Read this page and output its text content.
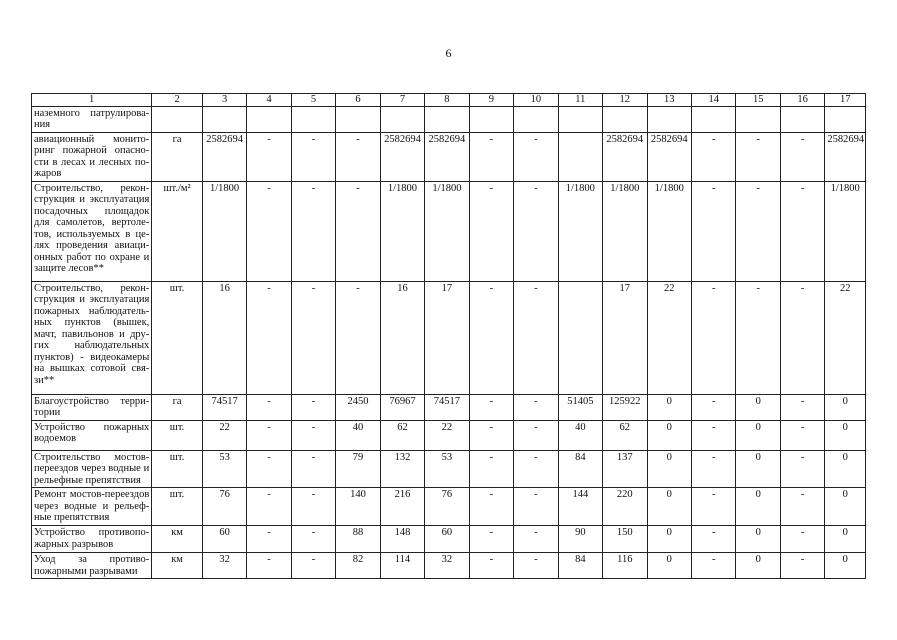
6
1	2	3	4	5	6	7	8	9	10	11	12	13	14	15	16	17
наземного патрулирова-ния																
авиационный монито-ринг пожарной опасно-сти в лесах и лесных по-жаров	га	2582694	-	-	-	2582694	2582694	-	-		2582694	2582694	-	-	-	2582694
Строительство, рекон-струкция и эксплуатация посадочных площадок для самолетов, вертоле-тов, используемых в це-лях проведения авиаци-онных работ по охране и защите лесов**	шт./м²	1/1800	-	-	-	1/1800	1/1800	-	-	1/1800	1/1800	1/1800	-	-	-	1/1800
Строительство, рекон-струкция и эксплуатация пожарных наблюдатель-ных пунктов (вышек, мачт, павильонов и дру-гих наблюдательных пунктов) - видеокамеры на вышках сотовой свя-зи**	шт.	16	-	-	-	16	17	-	-		17	22	-	-	-	22
Благоустройство терри-тории	га	74517	-	-	2450	76967	74517	-	-	51405	125922	0	-	0	-	0
Устройство пожарных водоемов	шт.	22	-	-	40	62	22	-	-	40	62	0	-	0	-	0
Строительство мостов-переездов через водные и рельефные препятствия	шт.	53	-	-	79	132	53	-	-	84	137	0	-	0	-	0
Ремонт мостов-переездов через водные и рельеф-ные препятствия	шт.	76	-	-	140	216	76	-	-	144	220	0	-	0	-	0
Устройство противопо-жарных разрывов	км	60	-	-	88	148	60	-	-	90	150	0	-	0	-	0
Уход за противо-пожарными разрывами	км	32	-	-	82	114	32	-	-	84	116	0	-	0	-	0
